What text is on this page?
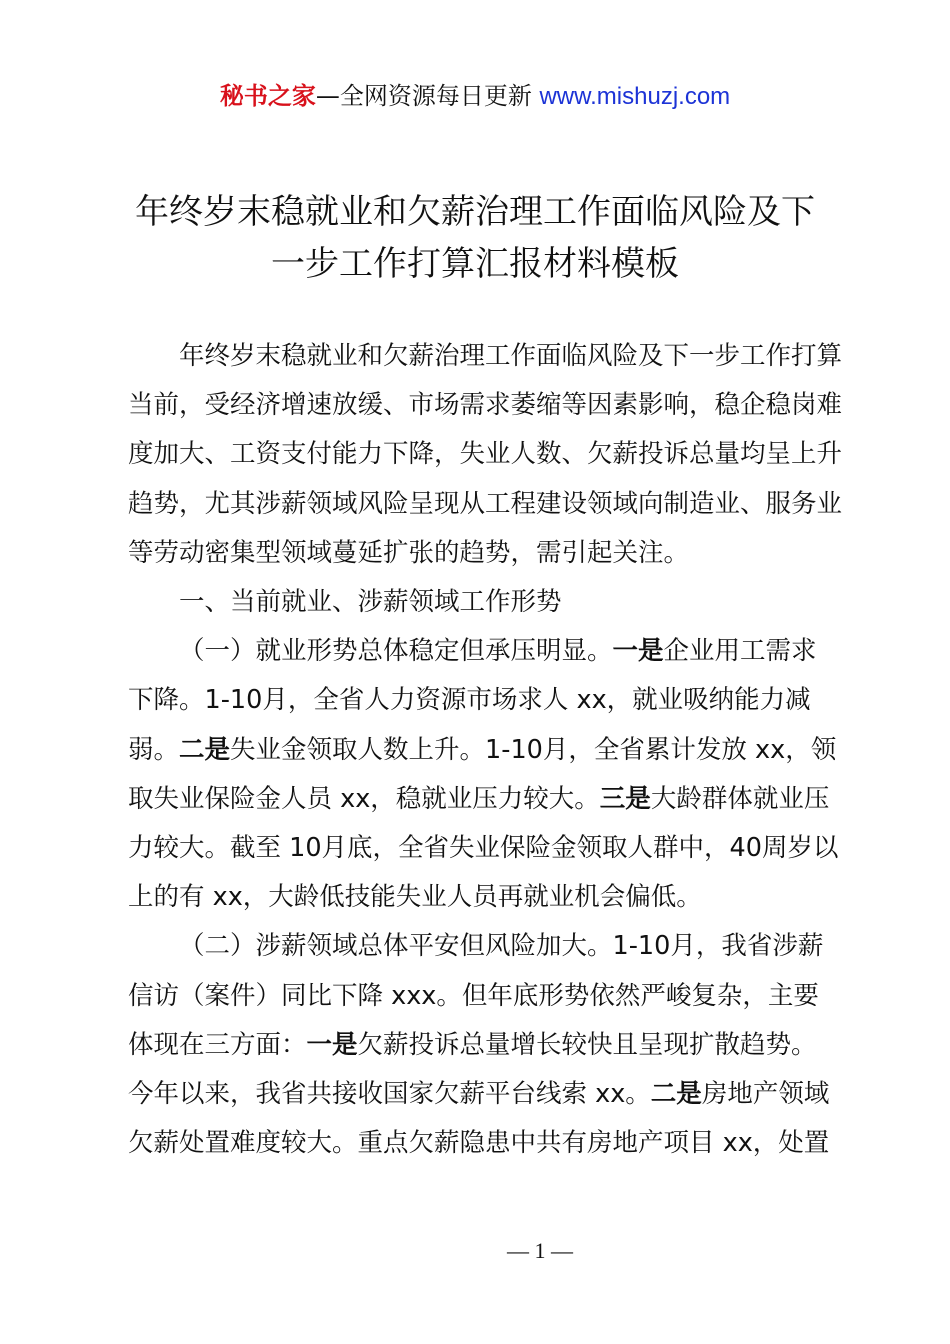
秘书之家—全网资源每日更新 www.mishuzj.com
年终岁末稳就业和欠薪治理工作面临风险及下
一步工作打算汇报材料模板

年终岁末稳就业和欠薪治理工作面临风险及下一步工作打算当前，受经济增速放缓、市场需求萎缩等因素影响，稳企稳岗难度加大、工资支付能力下降，失业人数、欠薪投诉总量均呈上升趋势，尤其涉薪领域风险呈现从工程建设领域向制造业、服务业等劳动密集型领域蔓延扩张的趋势，需引起关注。

一、当前就业、涉薪领域工作形势

（一）就业形势总体稳定但承压明显。一是企业用工需求下降。1-10月，全省人力资源市场求人 xx，就业吸纳能力减弱。二是失业金领取人数上升。1-10月，全省累计发放 xx，领取失业保险金人员 xx，稳就业压力较大。三是大龄群体就业压力较大。截至 10月底，全省失业保险金领取人群中，40周岁以上的有 xx，大龄低技能失业人员再就业机会偏低。

（二）涉薪领域总体平安但风险加大。1-10月，我省涉薪信访（案件）同比下降 xxx。但年底形势依然严峻复杂，主要体现在三方面：一是欠薪投诉总量增长较快且呈现扩散趋势。今年以来，我省共接收国家欠薪平台线索 xx。二是房地产领域欠薪处置难度较大。重点欠薪隐患中共有房地产项目 xx，处置

— 1 —
